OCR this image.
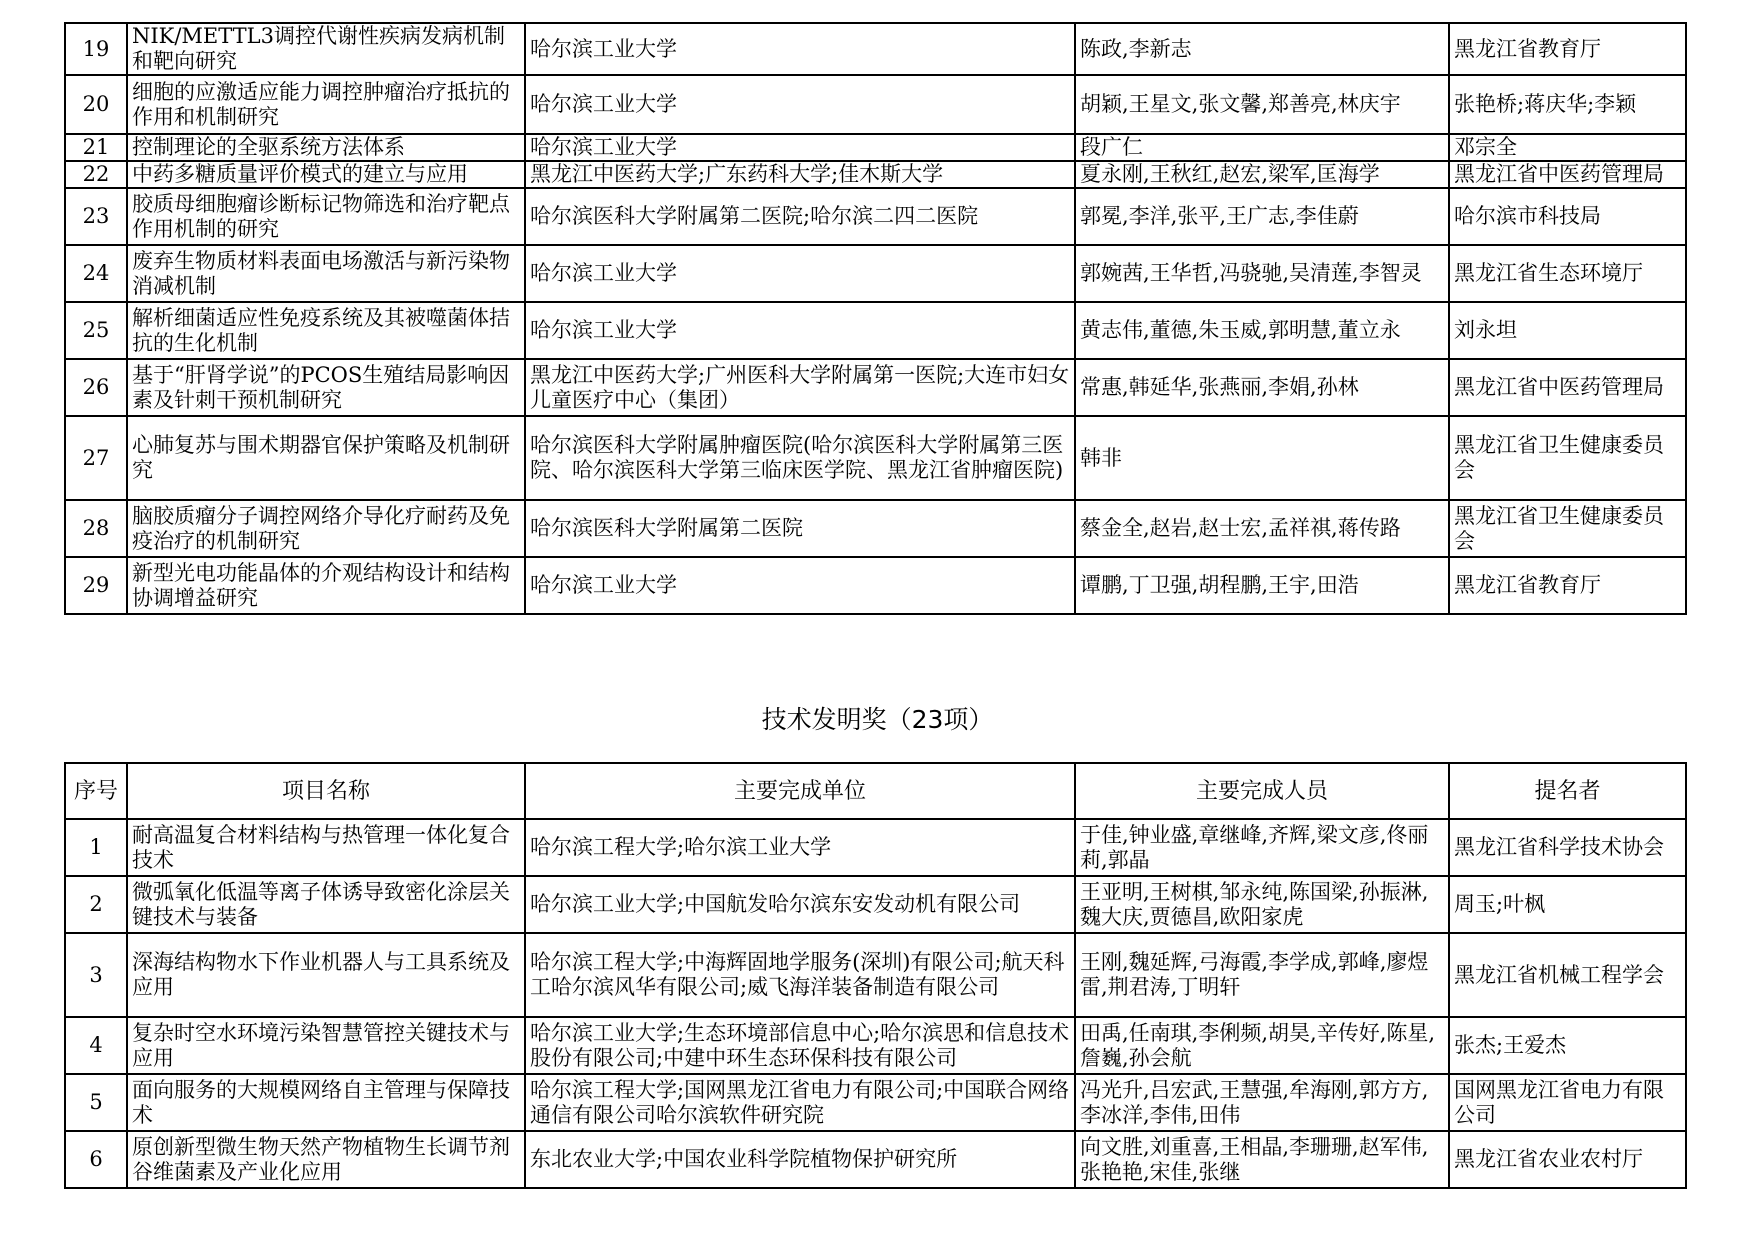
19	NIK/METTL3调控代谢性疾病发病机制和靶向研究	哈尔滨工业大学	陈政,李新志	黑龙江省教育厅
20	细胞的应激适应能力调控肿瘤治疗抵抗的作用和机制研究	哈尔滨工业大学	胡颖,王星文,张文馨,郑善亮,林庆宇	张艳桥;蒋庆华;李颖
21	控制理论的全驱系统方法体系	哈尔滨工业大学	段广仁	邓宗全
22	中药多糖质量评价模式的建立与应用	黑龙江中医药大学;广东药科大学;佳木斯大学	夏永刚,王秋红,赵宏,梁军,匡海学	黑龙江省中医药管理局
23	胶质母细胞瘤诊断标记物筛选和治疗靶点作用机制的研究	哈尔滨医科大学附属第二医院;哈尔滨二四二医院	郭冕,李洋,张平,王广志,李佳蔚	哈尔滨市科技局
24	废弃生物质材料表面电场激活与新污染物消减机制	哈尔滨工业大学	郭婉茜,王华哲,冯骁驰,吴清莲,李智灵	黑龙江省生态环境厅
25	解析细菌适应性免疫系统及其被噬菌体拮抗的生化机制	哈尔滨工业大学	黄志伟,董德,朱玉威,郭明慧,董立永	刘永坦
26	基于“肝肾学说”的PCOS生殖结局影响因素及针刺干预机制研究	黑龙江中医药大学;广州医科大学附属第一医院;大连市妇女儿童医疗中心（集团）	常惠,韩延华,张燕丽,李娟,孙林	黑龙江省中医药管理局
27	心肺复苏与围术期器官保护策略及机制研究	哈尔滨医科大学附属肿瘤医院(哈尔滨医科大学附属第三医院、哈尔滨医科大学第三临床医学院、黑龙江省肿瘤医院)	韩非	黑龙江省卫生健康委员会
28	脑胶质瘤分子调控网络介导化疗耐药及免疫治疗的机制研究	哈尔滨医科大学附属第二医院	蔡金全,赵岩,赵士宏,孟祥祺,蒋传路	黑龙江省卫生健康委员会
29	新型光电功能晶体的介观结构设计和结构协调增益研究	哈尔滨工业大学	谭鹏,丁卫强,胡程鹏,王宇,田浩	黑龙江省教育厅
技术发明奖（23项）
序号	项目名称	主要完成单位	主要完成人员	提名者
1	耐高温复合材料结构与热管理一体化复合技术	哈尔滨工程大学;哈尔滨工业大学	于佳,钟业盛,章继峰,齐辉,梁文彦,佟丽莉,郭晶	黑龙江省科学技术协会
2	微弧氧化低温等离子体诱导致密化涂层关键技术与装备	哈尔滨工业大学;中国航发哈尔滨东安发动机有限公司	王亚明,王树棋,邹永纯,陈国梁,孙振淋,魏大庆,贾德昌,欧阳家虎	周玉;叶枫
3	深海结构物水下作业机器人与工具系统及应用	哈尔滨工程大学;中海辉固地学服务(深圳)有限公司;航天科工哈尔滨风华有限公司;威飞海洋装备制造有限公司	王刚,魏延辉,弓海霞,李学成,郭峰,廖煜雷,荆君涛,丁明轩	黑龙江省机械工程学会
4	复杂时空水环境污染智慧管控关键技术与应用	哈尔滨工业大学;生态环境部信息中心;哈尔滨思和信息技术股份有限公司;中建中环生态环保科技有限公司	田禹,任南琪,李俐频,胡昊,辛传好,陈星,詹巍,孙会航	张杰;王爱杰
5	面向服务的大规模网络自主管理与保障技术	哈尔滨工程大学;国网黑龙江省电力有限公司;中国联合网络通信有限公司哈尔滨软件研究院	冯光升,吕宏武,王慧强,牟海刚,郭方方,李冰洋,李伟,田伟	国网黑龙江省电力有限公司
6	原创新型微生物天然产物植物生长调节剂谷维菌素及产业化应用	东北农业大学;中国农业科学院植物保护研究所	向文胜,刘重喜,王相晶,李珊珊,赵军伟,张艳艳,宋佳,张继	黑龙江省农业农村厅
